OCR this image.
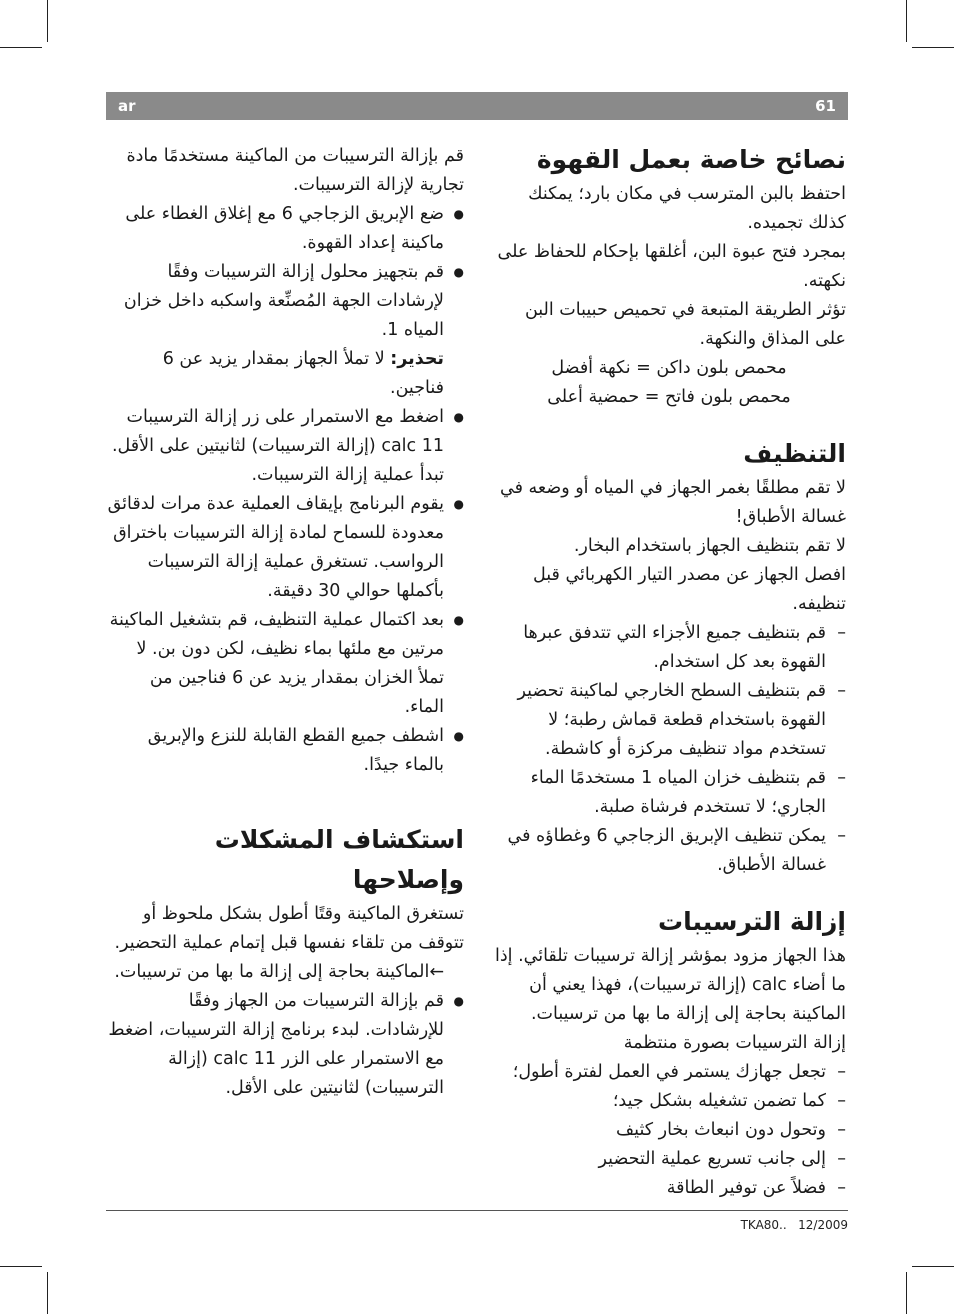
ar	61
نصائح خاصة بعمل القهوة

احتفظ بالبن المترسب في مكان بارد؛ يمكنك كذلك تجميده.

بمجرد فتح عبوة البن، أغلقها بإحكام للحفاظ على نكهته.

تؤثر الطريقة المتبعة في تحميص حبيبات البن على المذاق والنكهة.

محمص بلون داكن = نكهة أفضل

محمص بلون فاتح = حمضية أعلى

التنظيف

لا تقم مطلقًا بغمر الجهاز في المياه أو وضعه في غسالة الأطباق!

لا تقم بتنظيف الجهاز باستخدام البخار.

افصل الجهاز عن مصدر التيار الكهربائي قبل تنظيفه.

– قم بتنظيف جميع الأجزاء التي تتدفق عبرها القهوة بعد كل استخدام.
– قم بتنظيف السطح الخارجي لماكينة تحضير القهوة باستخدام قطعة قماش رطبة؛ لا تستخدم مواد تنظيف مركزة أو كاشطة.
– قم بتنظيف خزان المياه 1 مستخدمًا الماء الجاري؛ لا تستخدم فرشاة صلبة.
– يمكن تنظيف الإبريق الزجاجي 6 وغطاؤه في غسالة الأطباق.
إزالة الترسيبات

هذا الجهاز مزود بمؤشر إزالة ترسيبات تلقائي. إذا ما أضاء calc (إزالة ترسيبات)، فهذا يعني أن الماكينة بحاجة إلى إزالة ما بها من ترسيبات.

إزالة الترسيبات بصورة منتظمة

– تجعل جهازك يستمر في العمل لفترة أطول؛
– كما تضمن تشغيله بشكل جيد؛
– وتحول دون انبعاث بخار كثيف
– إلى جانب تسريع عملية التحضير
– فضلاً عن توفير الطاقة

قم بإزالة الترسيبات من الماكينة مستخدمًا مادة تجارية لإزالة الترسيبات.

● ضع الإبريق الزجاجي 6 مع إغلاق الغطاء على ماكينة إعداد القهوة.
● قم بتجهيز محلول إزالة الترسيبات وفقًا لإرشادات الجهة المُصنِّعة واسكبه داخل خزان المياه 1.
تحذير: لا تملأ الجهاز بمقدار يزيد عن 6 فناجين.
● اضغط مع الاستمرار على زر إزالة الترسيبات calc 11 (إزالة الترسيبات) لثانيتين على الأقل. تبدأ عملية إزالة الترسيبات.
● يقوم البرنامج بإيقاف العملية عدة مرات لدقائق معدودة للسماح لمادة إزالة الترسيبات باختراق الرواسب. تستغرق عملية إزالة الترسيبات بأكملها حوالي 30 دقيقة.
● بعد اكتمال عملية التنظيف، قم بتشغيل الماكينة مرتين مع ملئها بماء نظيف، لكن دون بن. لا تملأ الخزان بمقدار يزيد عن 6 فناجين من الماء.
● اشطف جميع القطع القابلة للنزع والإبريق بالماء جيدًا.
استكشاف المشكلات وإصلاحها

تستغرق الماكينة وقتًا أطول بشكل ملحوظ أو تتوقف من تلقاء نفسها قبل إتمام عملية التحضير.

←الماكينة بحاجة إلى إزالة ما بها من ترسيبات.

● قم بإزالة الترسيبات من الجهاز وفقًا للإرشادات. لبدء برنامج إزالة الترسيبات، اضغط مع الاستمرار على الزر calc 11 (إزالة الترسيبات) لثانيتين على الأقل.
TKA80.. 12/2009
